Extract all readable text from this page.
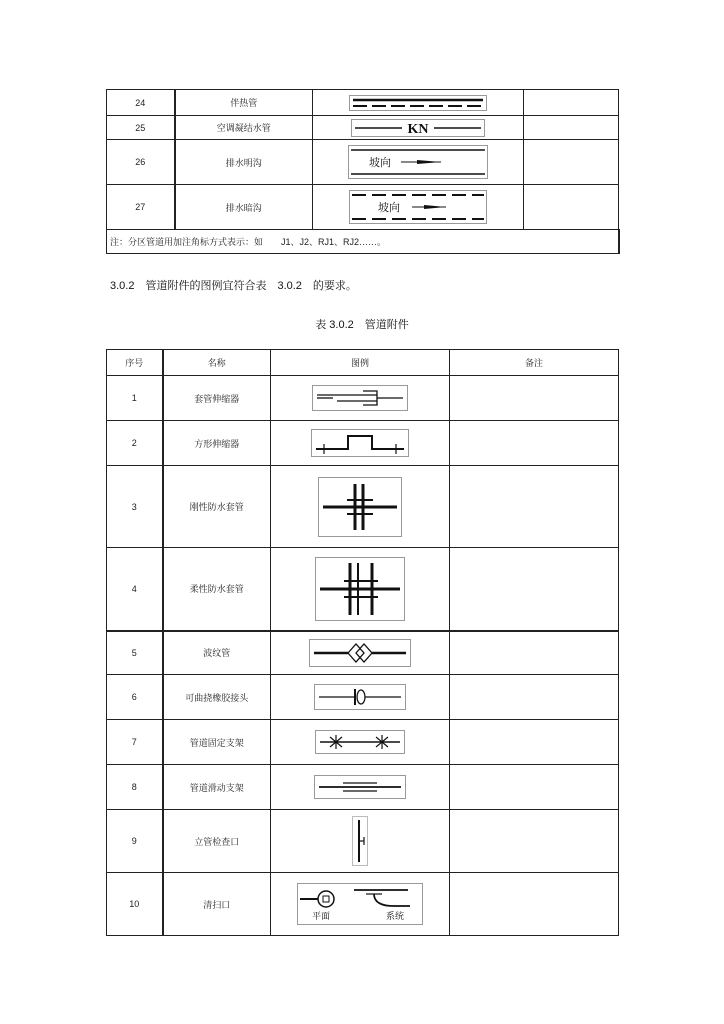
24	伴热管	

25	空调凝结水管	KN	

26	排水明沟	坡向	

27	排水暗沟	坡向	

注：分区管道用加注角标方式表示：如　　J1、J2、RJ1、RJ2……。			
3.0.2　管道附件的图例宜符合表　3.0.2　的要求。
表 3.0.2　管道附件
序号	名称	图例	备注
1	套管伸缩器	

2	方形伸缩器	

3	刚性防水套管	

4	柔性防水套管	

5	波纹管	

6	可曲挠橡胶接头	

7	管道固定支架	

8	管道滑动支架	

9	立管检查口	

10	清扫口	平面 系统	
